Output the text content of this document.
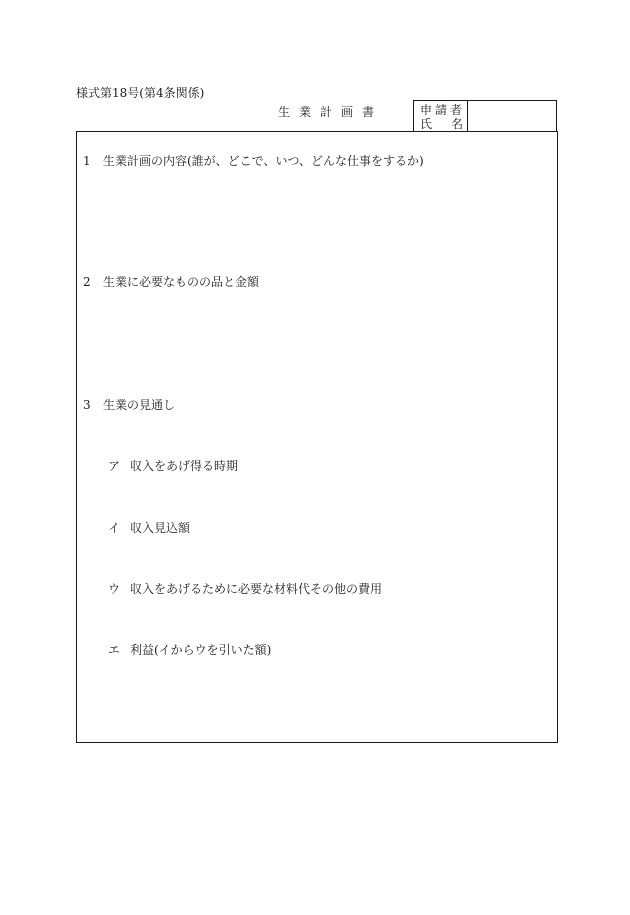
様式第18号(第4条関係)
生業計画書	申請者
氏名
1 生業計画の内容(誰が、どこで、いつ、どんな仕事をするか)
2 生業に必要なものの品と金額
3 生業の見通し
ア 収入をあげ得る時期
イ 収入見込額
ウ 収入をあげるために必要な材料代その他の費用
エ 利益(イからウを引いた額)
